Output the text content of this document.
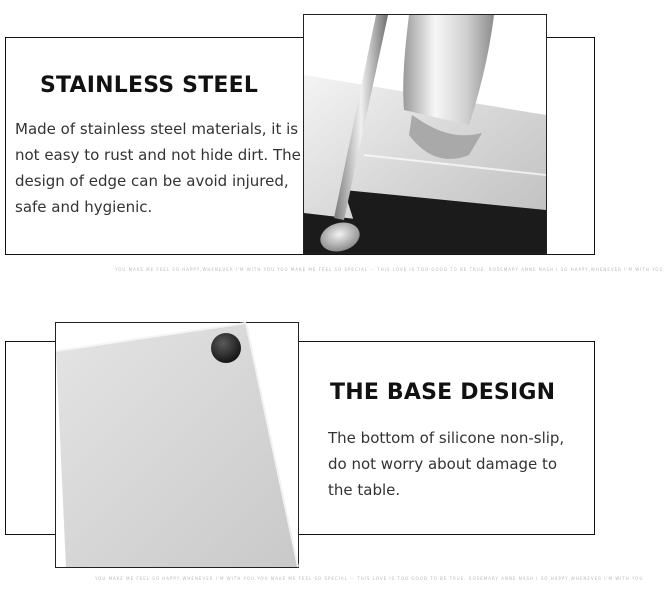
STAINLESS STEEL
Made of stainless steel materials, it is not easy to rust and not hide dirt. The design of edge can be avoid injured, safe and hygienic.
YOU MAKE ME FEEL SO HAPPY,WHENEVER I'M WITH YOU.YOU MAKE ME FEEL SO SPECIAL -- THIS LOVE IS TOO GOOD TO BE TRUE. ROSEMARY ANNE NASH I SO HAPPY,WHENEVER I'M WITH YOU.
THE BASE DESIGN
The bottom of silicone non-slip, do not worry about damage to the table.
YOU MAKE ME FEEL SO HAPPY,WHENEVER I'M WITH YOU.YOU MAKE ME FEEL SO SPECIAL -- THIS LOVE IS TOO GOOD TO BE TRUE. ROSEMARY ANNE NASH I SO HAPPY,WHENEVER I'M WITH YOU.
